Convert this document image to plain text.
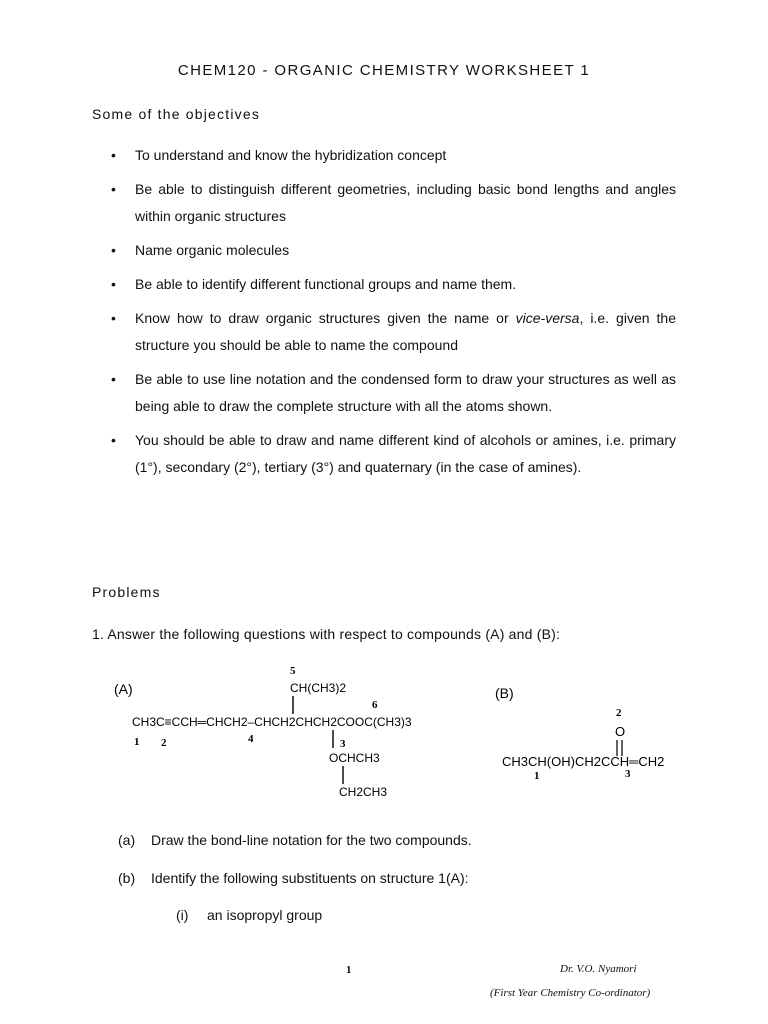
CHEM120 - ORGANIC CHEMISTRY WORKSHEET 1
Some of the objectives
• To understand and know the hybridization concept
• Be able to distinguish different geometries, including basic bond lengths and angles within organic structures
• Name organic molecules
• Be able to identify different functional groups and name them.
• Know how to draw organic structures given the name or vice-versa, i.e. given the structure you should be able to name the compound
• Be able to use line notation and the condensed form to draw your structures as well as being able to draw the complete structure with all the atoms shown.
• You should be able to draw and name different kind of alcohols or amines, i.e. primary (1°), secondary (2°), tertiary (3°) and quaternary (in the case of amines).
Problems
1. Answer the following questions with respect to compounds (A) and (B):
(A)
CH3C≡CCH═CHCH2–CHCH2CHCH2COOC(CH3)3
CH(CH3)2
OCHCH3
CH2CH3
1 2	4
5
6
3
(B)
2
O
CH3CH(OH)CH2CCH═CH2
1	3
(a) Draw the bond-line notation for the two compounds.
(b) Identify the following substituents on structure 1(A):
(i) an isopropyl group
1	Dr. V.O. Nyamori
(First Year Chemistry Co-ordinator)
